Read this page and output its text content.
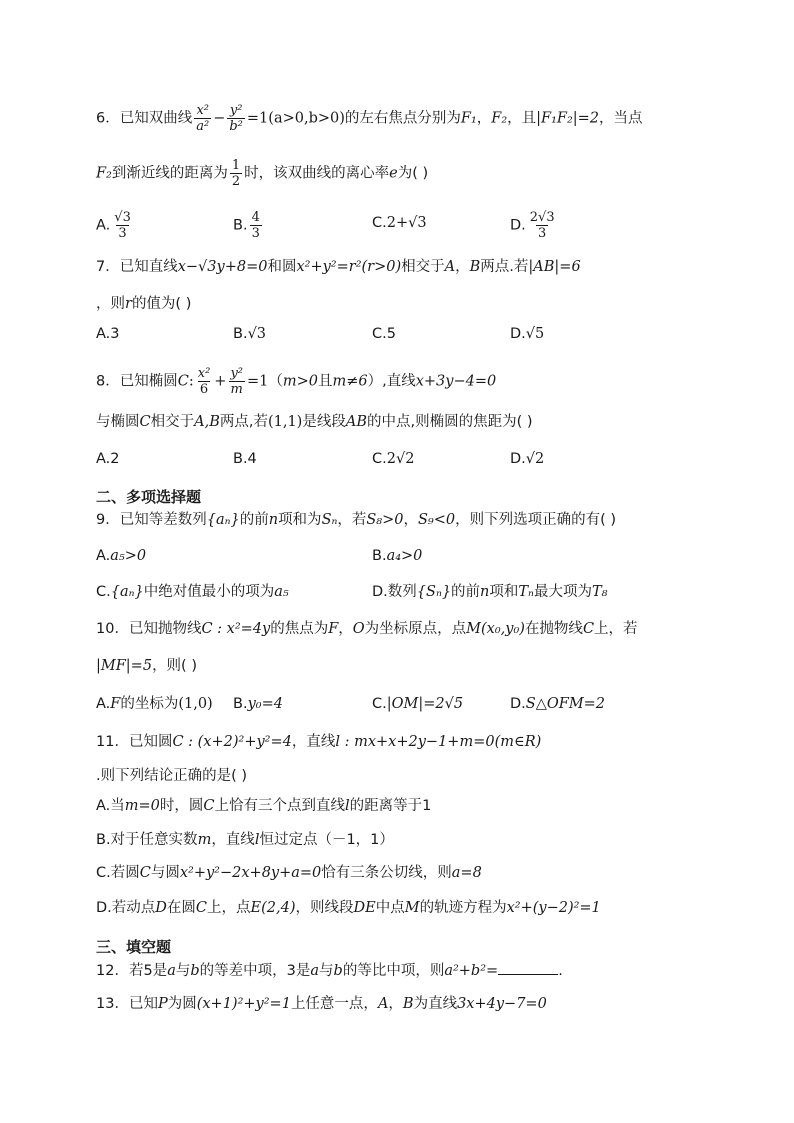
6．已知双曲线 $\frac{\text{x²}}{\text{a²}} - \frac{\text{y²}}{\text{b²}} =1(a>0,b>0)$的左右焦点分别为F₁，F₂，且|F₁F₂|=2，当点
F₂到渐近线的距离为 $\frac{1}{2}$ 时，该双曲线的离心率e为( )
A. $\frac{√3}{3}$	B. $\frac{4}{3}$	C.2+√3	D. $\frac{2√3}{3}$
7．已知直线x−√3y+8=0和圆x²+y²=r²(r>0)相交于A，B两点.若|AB|=6
，则r的值为( )
A.3	B.√3	C.5	D.√5
8．已知椭圆C: $\frac{\text{x²}}{6} + \frac{\text{y²}}{m} =1(m>0$且m≠6）,直线x+3y−4=0
与椭圆C相交于A,B两点,若(1,1)是线段AB的中点,则椭圆的焦距为( )
A.2	B.4	C.2√2	D.√2
二、多项选择题
9．已知等差数列{aₙ}的前n项和为Sₙ，若S₈>0，S₉<0，则下列选项正确的有( )
A.a₅>0	B.a₄>0
C.{aₙ}中绝对值最小的项为a₅	D.数列{Sₙ}的前n项和Tₙ最大项为T₈
10．已知抛物线C : x²=4y的焦点为F，O为坐标原点，点M(x₀,y₀)在抛物线C上，若
|MF|=5，则( )
A.F的坐标为(1,0) B.y₀=4	C.|OM|=2√5	D.S△OFM=2
11．已知圆C : (x+2)²+y²=4，直线l : mx+x+2y−1+m=0(m∈R)
.则下列结论正确的是( )
A.当m=0时，圆C上恰有三个点到直线l的距离等于1
B.对于任意实数m，直线l恒过定点（－1，1）
C.若圆C与圆x²+y²−2x+8y+a=0恰有三条公切线，则a=8
D.若动点D在圆C上，点E(2,4)，则线段DE中点M的轨迹方程为x²+(y−2)²=1
三、填空题
12．若5是a与b的等差中项，3是a与b的等比中项，则a²+b²=	.
13．已知P为圆(x+1)²+y²=1上任意一点，A，B为直线3x+4y−7=0
